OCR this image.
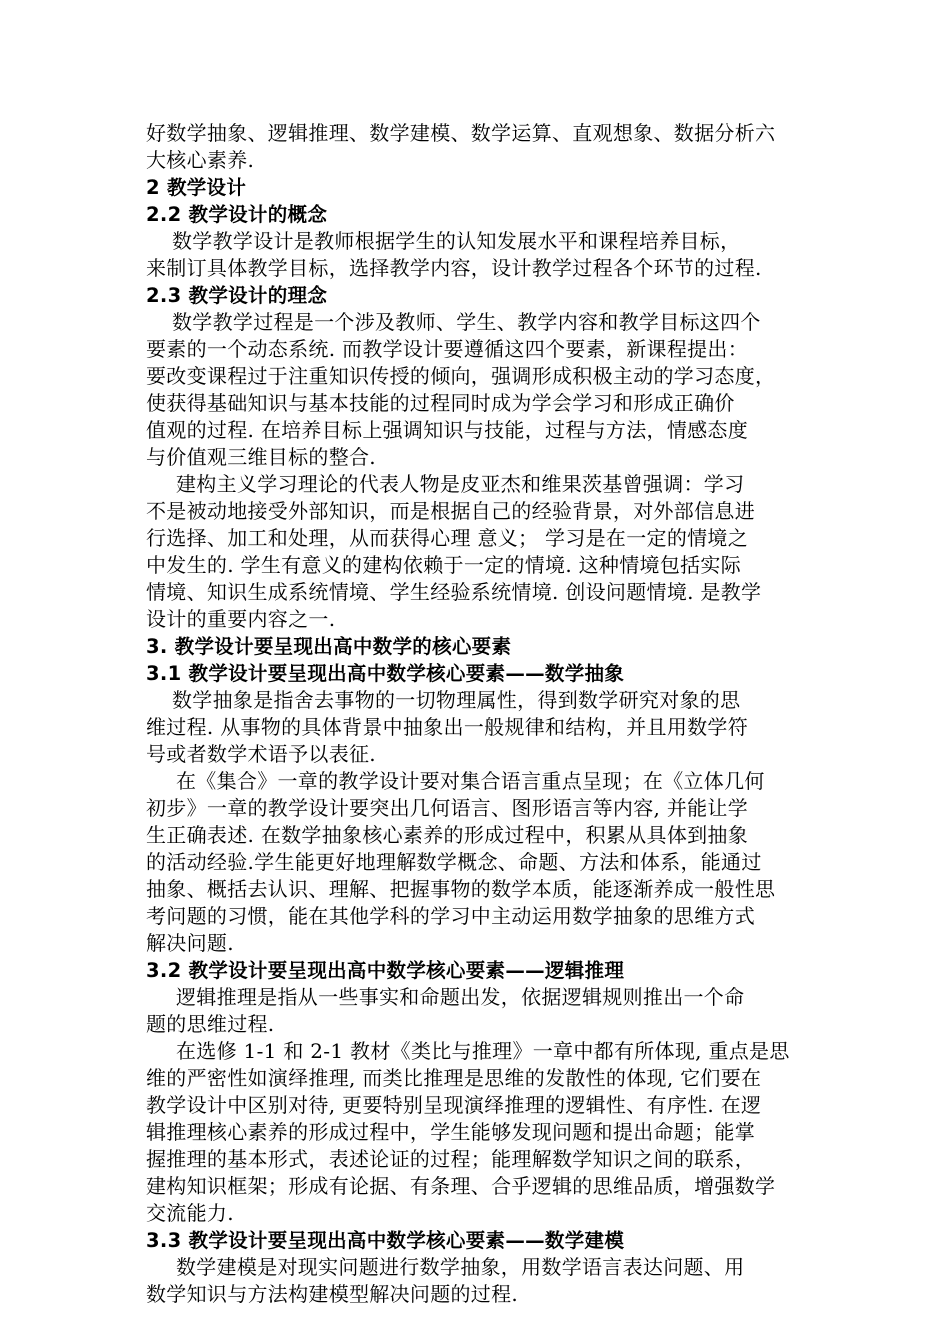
好数学抽象、逻辑推理、数学建模、数学运算、直观想象、数据分析六
大核心素养.
2 教学设计
2.2 教学设计的概念
数学教学设计是教师根据学生的认知发展水平和课程培养目标，
来制订具体教学目标，选择教学内容，设计教学过程各个环节的过程.
2.3 教学设计的理念
数学教学过程是一个涉及教师、学生、教学内容和教学目标这四个
要素的一个动态系统. 而教学设计要遵循这四个要素，新课程提出：
要改变课程过于注重知识传授的倾向，强调形成积极主动的学习态度，
使获得基础知识与基本技能的过程同时成为学会学习和形成正确价
值观的过程. 在培养目标上强调知识与技能，过程与方法，情感态度
与价值观三维目标的整合.
建构主义学习理论的代表人物是皮亚杰和维果茨基曾强调：学习
不是被动地接受外部知识，而是根据自己的经验背景，对外部信息进
行选择、加工和处理，从而获得心理 意义； 学习是在一定的情境之
中发生的. 学生有意义的建构依赖于一定的情境. 这种情境包括实际
情境、知识生成系统情境、学生经验系统情境. 创设问题情境. 是教学
设计的重要内容之一.
3. 教学设计要呈现出高中数学的核心要素
3.1 教学设计要呈现出高中数学核心要素——数学抽象
数学抽象是指舍去事物的一切物理属性，得到数学研究对象的思
维过程. 从事物的具体背景中抽象出一般规律和结构，并且用数学符
号或者数学术语予以表征.
在《集合》一章的教学设计要对集合语言重点呈现；在《立体几何
初步》一章的教学设计要突出几何语言、图形语言等内容, 并能让学
生正确表述. 在数学抽象核心素养的形成过程中，积累从具体到抽象
的活动经验.学生能更好地理解数学概念、命题、方法和体系，能通过
抽象、概括去认识、理解、把握事物的数学本质，能逐渐养成一般性思
考问题的习惯，能在其他学科的学习中主动运用数学抽象的思维方式
解决问题.
3.2 教学设计要呈现出高中数学核心要素——逻辑推理
逻辑推理是指从一些事实和命题出发，依据逻辑规则推出一个命
题的思维过程.
在选修 1-1 和 2-1 教材《类比与推理》一章中都有所体现, 重点是思
维的严密性如演绎推理, 而类比推理是思维的发散性的体现, 它们要在
教学设计中区别对待, 更要特别呈现演绎推理的逻辑性、有序性. 在逻
辑推理核心素养的形成过程中，学生能够发现问题和提出命题；能掌
握推理的基本形式，表述论证的过程；能理解数学知识之间的联系，
建构知识框架；形成有论据、有条理、合乎逻辑的思维品质，增强数学
交流能力.
3.3 教学设计要呈现出高中数学核心要素——数学建模
数学建模是对现实问题进行数学抽象，用数学语言表达问题、用
数学知识与方法构建模型解决问题的过程.
